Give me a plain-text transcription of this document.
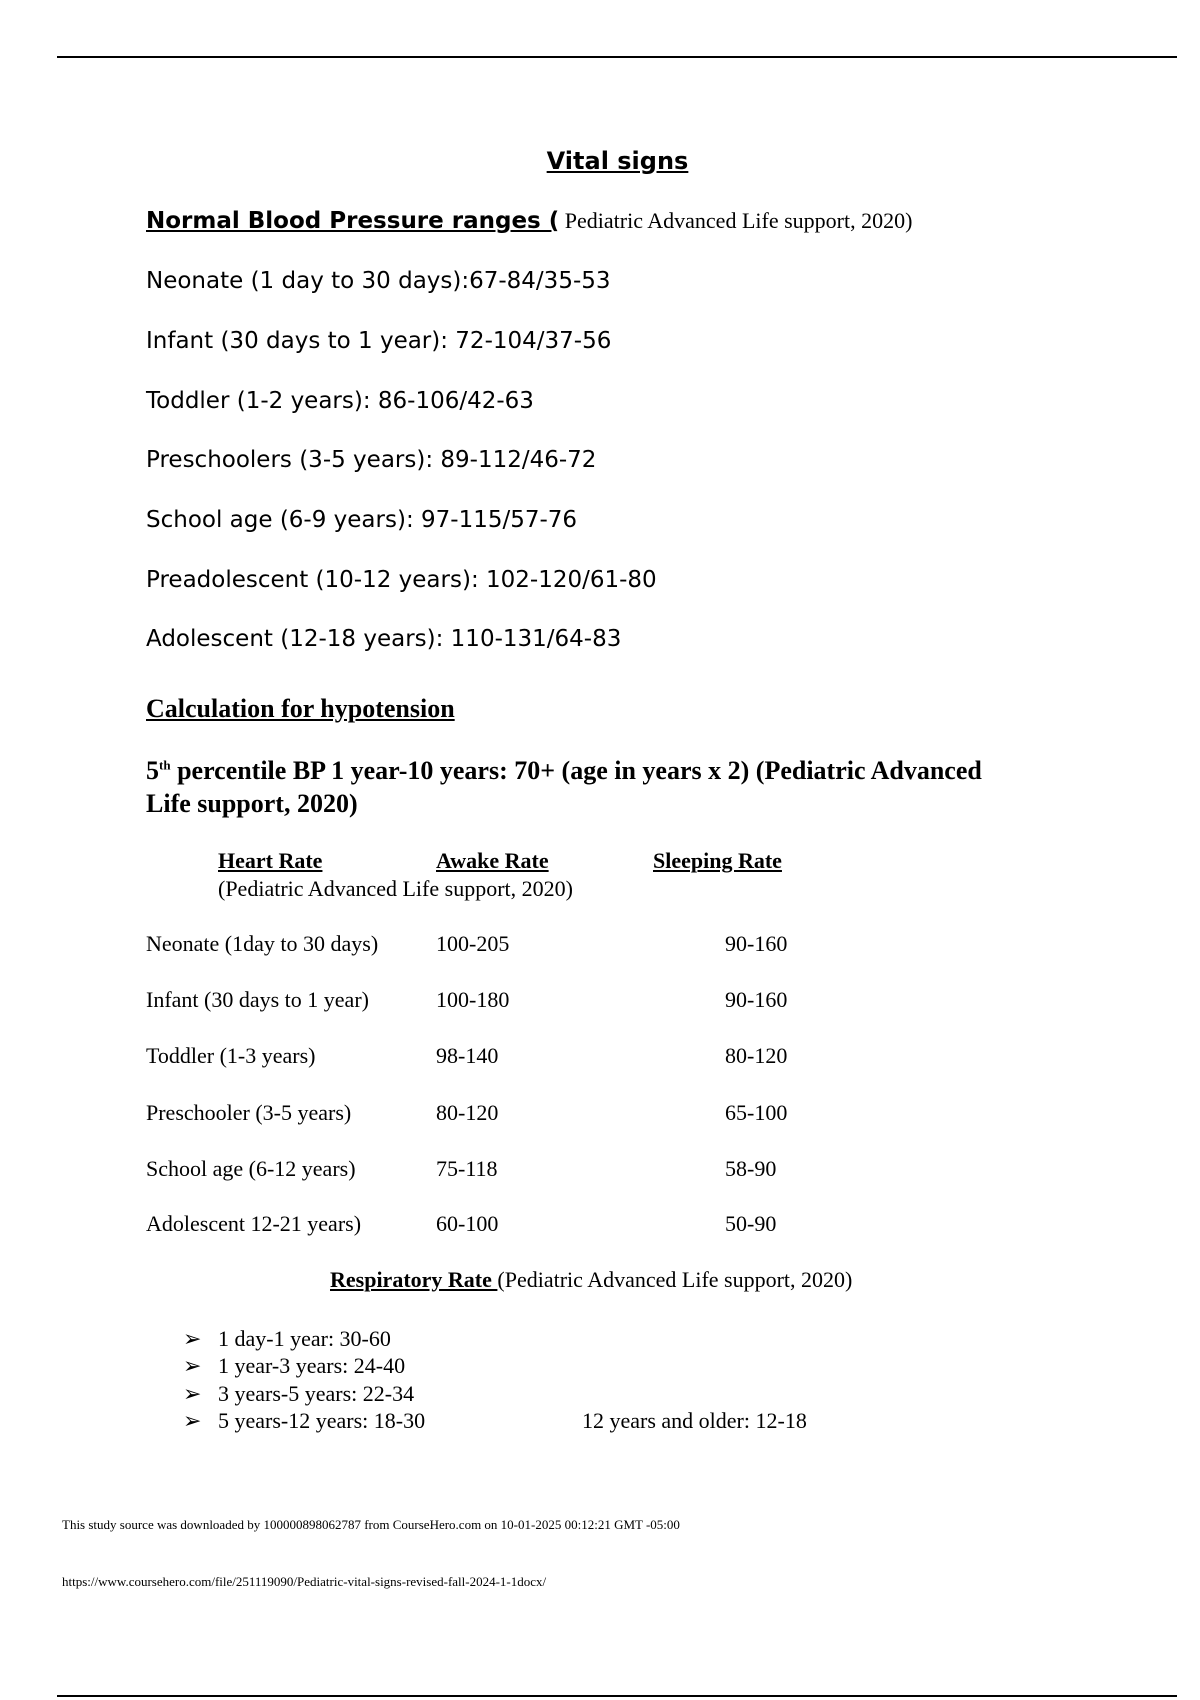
Vital signs
Normal Blood Pressure ranges ( Pediatric Advanced Life support, 2020)
Neonate (1 day to 30 days):67-84/35-53
Infant (30 days to 1 year): 72-104/37-56
Toddler (1-2 years): 86-106/42-63
Preschoolers (3-5 years): 89-112/46-72
School age (6-9 years): 97-115/57-76
Preadolescent (10-12 years): 102-120/61-80
Adolescent (12-18 years): 110-131/64-83
Calculation for hypotension
5th percentile BP 1 year-10 years: 70+ (age in years x 2) (Pediatric Advanced
Life support, 2020)
Heart Rate	Awake Rate	Sleeping Rate
(Pediatric Advanced Life support, 2020)
Neonate (1day to 30 days)	100-205	90-160
Infant (30 days to 1 year)	100-180	90-160
Toddler (1-3 years)	98-140	80-120
Preschooler (3-5 years)	80-120	65-100
School age (6-12 years)	75-118	58-90
Adolescent 12-21 years)	60-100	50-90
Respiratory Rate (Pediatric Advanced Life support, 2020)
➢ 1 day-1 year: 30-60
➢ 1 year-3 years: 24-40
➢ 3 years-5 years: 22-34
➢ 5 years-12 years: 18-30	12 years and older: 12-18
This study source was downloaded by 100000898062787 from CourseHero.com on 10-01-2025 00:12:21 GMT -05:00
https://www.coursehero.com/file/251119090/Pediatric-vital-signs-revised-fall-2024-1-1docx/
